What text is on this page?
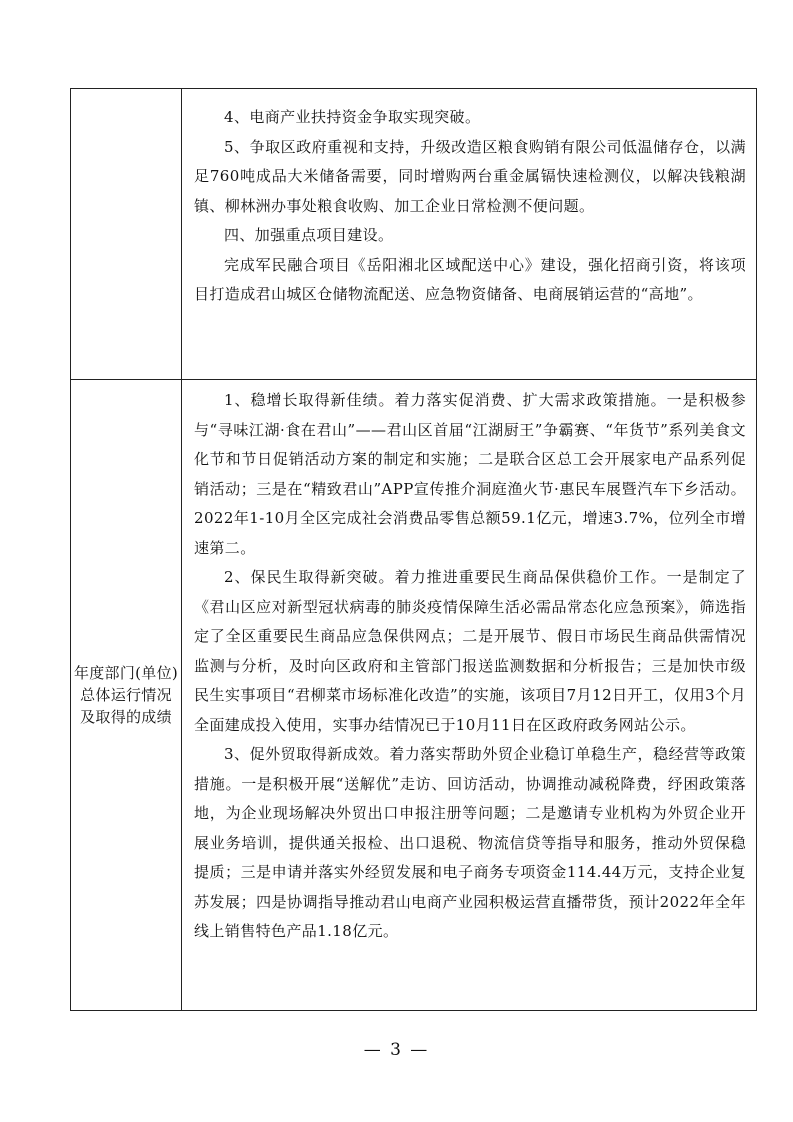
	4、电商产业扶持资金争取实现突破。

5、争取区政府重视和支持，升级改造区粮食购销有限公司低温储存仓，以满足760吨成品大米储备需要，同时增购两台重金属镉快速检测仪，以解决钱粮湖镇、柳林洲办事处粮食收购、加工企业日常检测不便问题。

四、加强重点项目建设。

完成军民融合项目《岳阳湘北区域配送中心》建设，强化招商引资，将该项目打造成君山城区仓储物流配送、应急物资储备、电商展销运营的“高地”。

年度部门(单位)总体运行情况及取得的成绩	1、稳增长取得新佳绩。着力落实促消费、扩大需求政策措施。一是积极参与“寻味江湖·食在君山”——君山区首届“江湖厨王”争霸赛、“年货节”系列美食文化节和节日促销活动方案的制定和实施；二是联合区总工会开展家电产品系列促销活动；三是在“精致君山”APP宣传推介洞庭渔火节·惠民车展暨汽车下乡活动。2022年1-10月全区完成社会消费品零售总额59.1亿元，增速3.7%，位列全市增速第二。

2、保民生取得新突破。着力推进重要民生商品保供稳价工作。一是制定了《君山区应对新型冠状病毒的肺炎疫情保障生活必需品常态化应急预案》，筛选指定了全区重要民生商品应急保供网点；二是开展节、假日市场民生商品供需情况监测与分析，及时向区政府和主管部门报送监测数据和分析报告；三是加快市级民生实事项目“君柳菜市场标准化改造”的实施，该项目7月12日开工，仅用3个月全面建成投入使用，实事办结情况已于10月11日在区政府政务网站公示。

3、促外贸取得新成效。着力落实帮助外贸企业稳订单稳生产，稳经营等政策措施。一是积极开展“送解优”走访、回访活动，协调推动减税降费，纾困政策落地，为企业现场解决外贸出口申报注册等问题；二是邀请专业机构为外贸企业开展业务培训，提供通关报检、出口退税、物流信贷等指导和服务，推动外贸保稳提质；三是申请并落实外经贸发展和电子商务专项资金114.44万元，支持企业复苏发展；四是协调指导推动君山电商产业园积极运营直播带货，预计2022年全年线上销售特色产品1.18亿元。

— 3 —
